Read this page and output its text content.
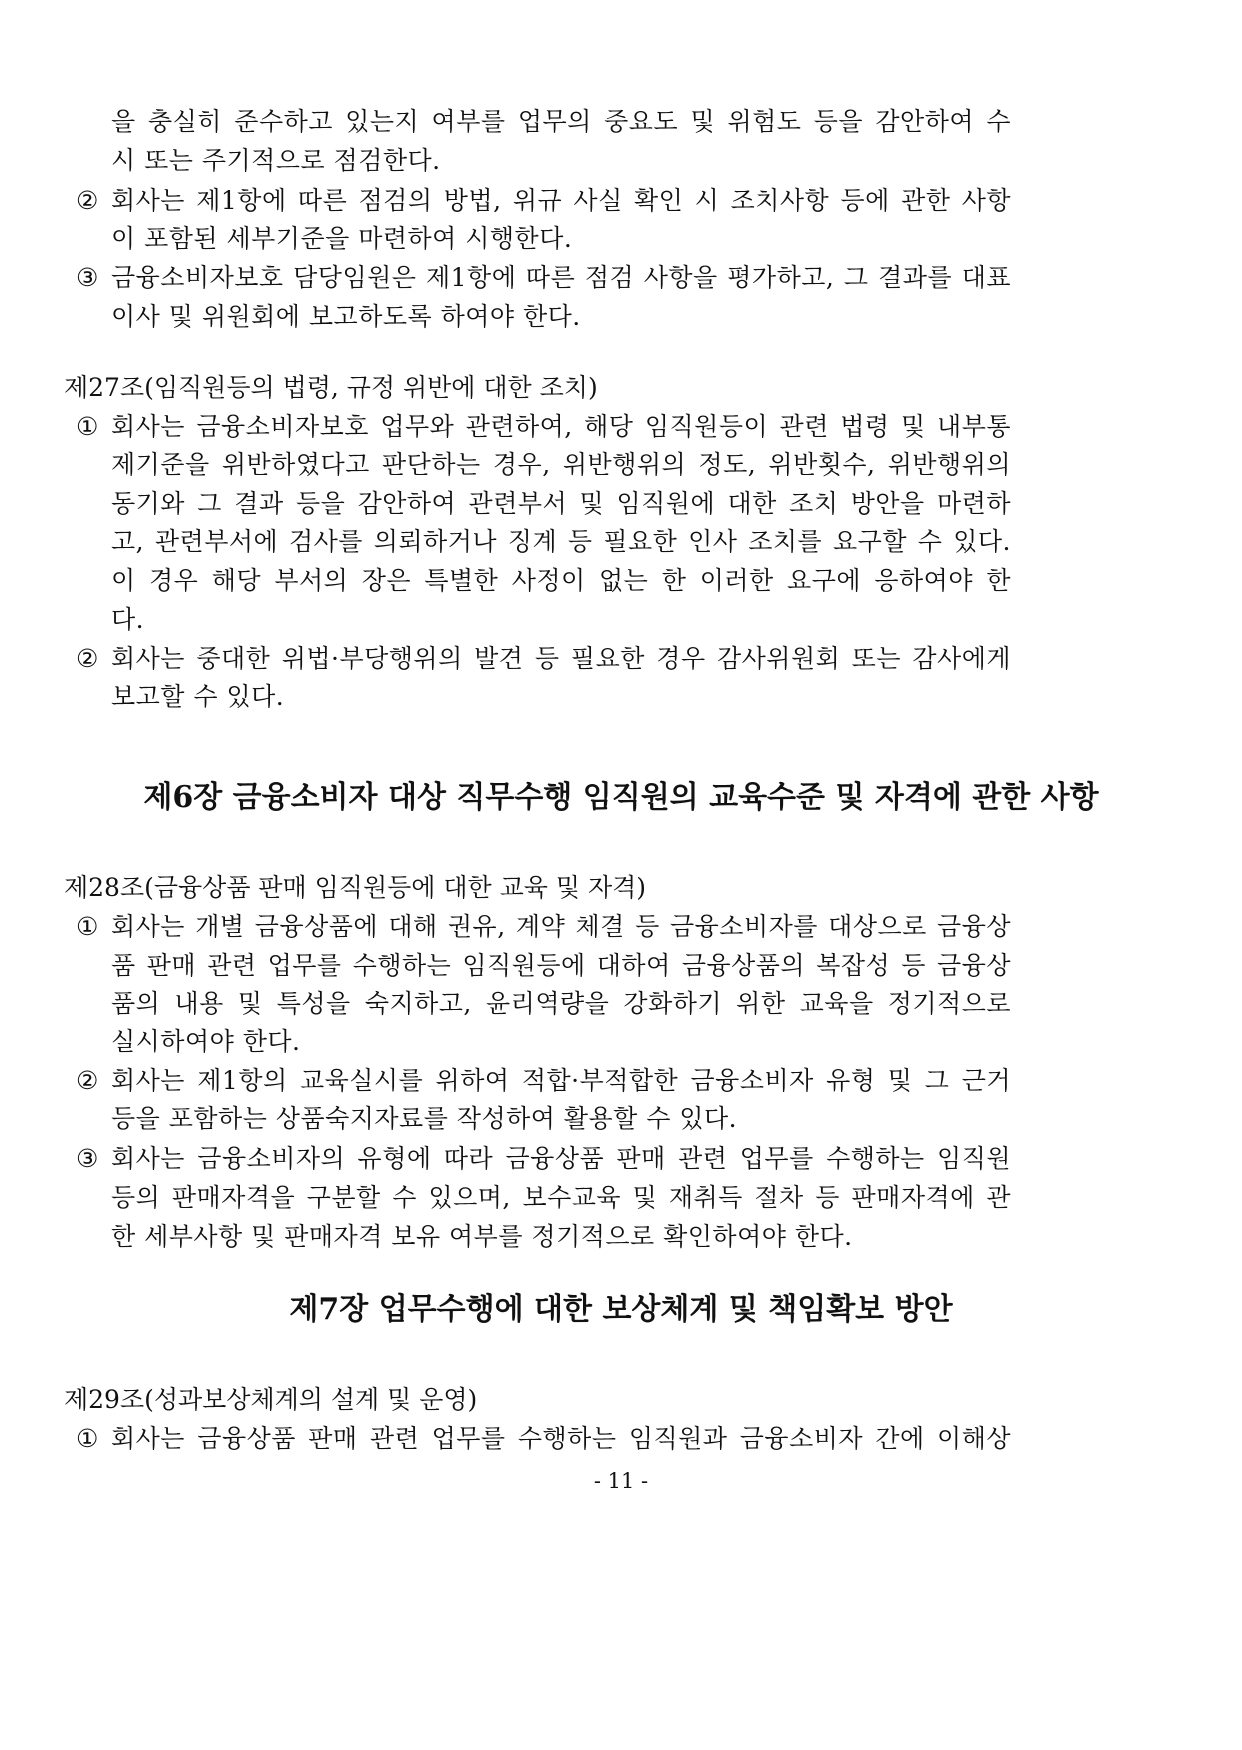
을 충실히 준수하고 있는지 여부를 업무의 중요도 및 위험도 등을 감안하여 수
시 또는 주기적으로 점검한다.
② 회사는 제1항에 따른 점검의 방법, 위규 사실 확인 시 조치사항 등에 관한 사항
이 포함된 세부기준을 마련하여 시행한다.
③ 금융소비자보호 담당임원은 제1항에 따른 점검 사항을 평가하고, 그 결과를 대표
이사 및 위원회에 보고하도록 하여야 한다.
제27조(임직원등의 법령, 규정 위반에 대한 조치)
① 회사는 금융소비자보호 업무와 관련하여, 해당 임직원등이 관련 법령 및 내부통
제기준을 위반하였다고 판단하는 경우, 위반행위의 정도, 위반횟수, 위반행위의
동기와 그 결과 등을 감안하여 관련부서 및 임직원에 대한 조치 방안을 마련하
고, 관련부서에 검사를 의뢰하거나 징계 등 필요한 인사 조치를 요구할 수 있다.
이 경우 해당 부서의 장은 특별한 사정이 없는 한 이러한 요구에 응하여야 한
다.
② 회사는 중대한 위법·부당행위의 발견 등 필요한 경우 감사위원회 또는 감사에게
보고할 수 있다.
제6장 금융소비자 대상 직무수행 임직원의 교육수준 및 자격에 관한 사항
제28조(금융상품 판매 임직원등에 대한 교육 및 자격)
① 회사는 개별 금융상품에 대해 권유, 계약 체결 등 금융소비자를 대상으로 금융상
품 판매 관련 업무를 수행하는 임직원등에 대하여 금융상품의 복잡성 등 금융상
품의 내용 및 특성을 숙지하고, 윤리역량을 강화하기 위한 교육을 정기적으로
실시하여야 한다.
② 회사는 제1항의 교육실시를 위하여 적합·부적합한 금융소비자 유형 및 그 근거
등을 포함하는 상품숙지자료를 작성하여 활용할 수 있다.
③ 회사는 금융소비자의 유형에 따라 금융상품 판매 관련 업무를 수행하는 임직원
등의 판매자격을 구분할 수 있으며, 보수교육 및 재취득 절차 등 판매자격에 관
한 세부사항 및 판매자격 보유 여부를 정기적으로 확인하여야 한다.
제7장 업무수행에 대한 보상체계 및 책임확보 방안
제29조(성과보상체계의 설계 및 운영)
① 회사는 금융상품 판매 관련 업무를 수행하는 임직원과 금융소비자 간에 이해상
- 11 -
